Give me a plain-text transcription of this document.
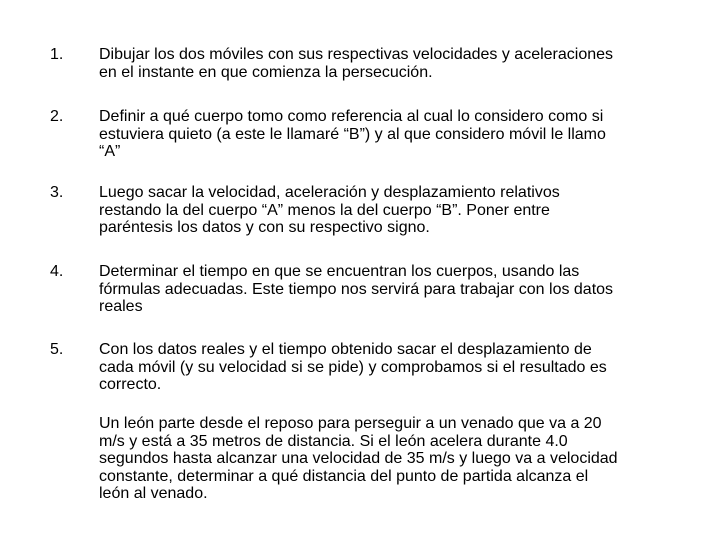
1. Dibujar los dos móviles con sus respectivas velocidades y aceleraciones
en el instante en que comienza la persecución.
2. Definir a qué cuerpo tomo como referencia al cual lo considero como si
estuviera quieto (a este le llamaré “B”) y al que considero móvil le llamo
“A”
3. Luego sacar la velocidad, aceleración y desplazamiento relativos
restando la del cuerpo “A” menos la del cuerpo “B”. Poner entre
paréntesis los datos y con su respectivo signo.
4. Determinar el tiempo en que se encuentran los cuerpos, usando las
fórmulas adecuadas. Este tiempo nos servirá para trabajar con los datos
reales
5. Con los datos reales y el tiempo obtenido sacar el desplazamiento de
cada móvil (y su velocidad si se pide) y comprobamos si el resultado es
correcto.
Un león parte desde el reposo para perseguir a un venado que va a 20
m/s y está a 35 metros de distancia. Si el león acelera durante 4.0
segundos hasta alcanzar una velocidad de 35 m/s y luego va a velocidad
constante, determinar a qué distancia del punto de partida alcanza el
león al venado.
